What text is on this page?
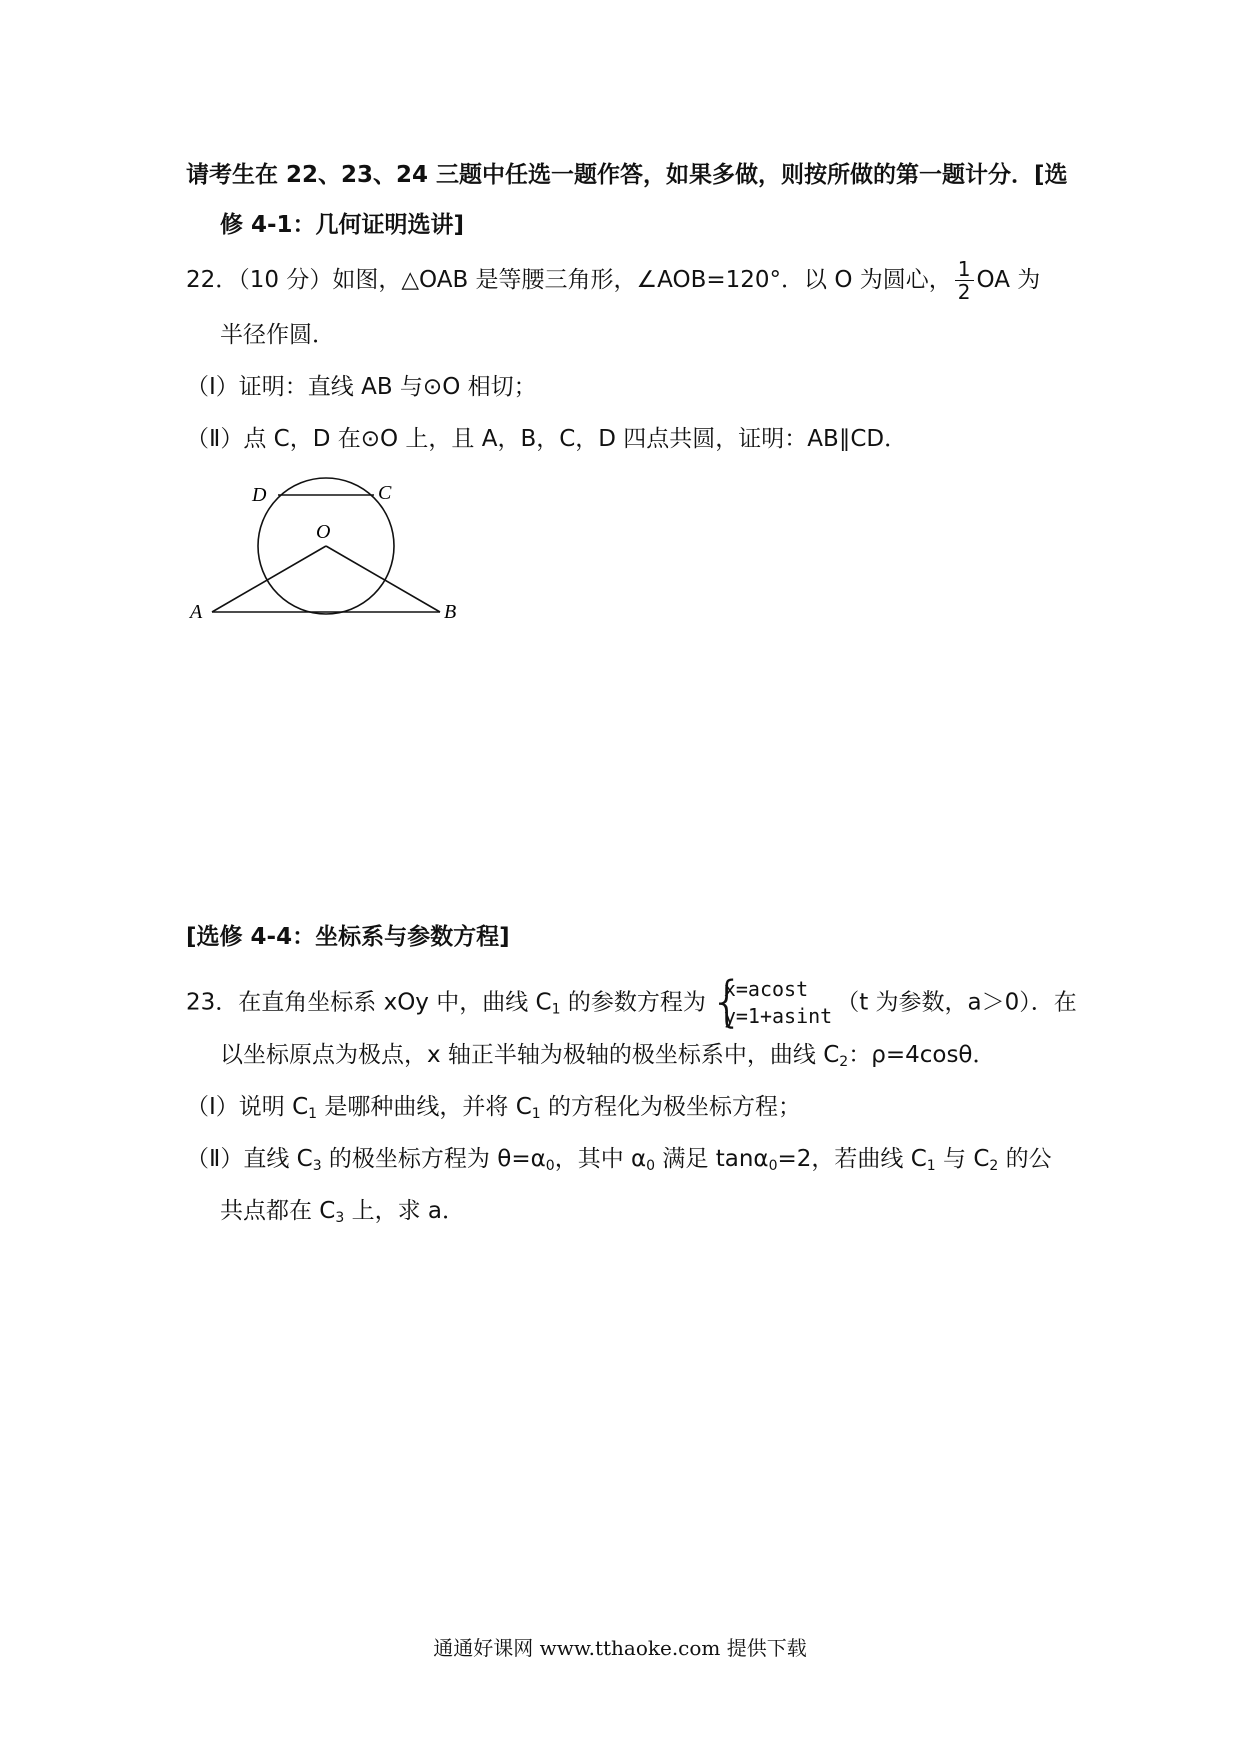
请考生在 22、23、24 三题中任选一题作答，如果多做，则按所做的第一题计分．[选
修 4-1：几何证明选讲]
22．（10 分）如图，△OAB 是等腰三角形，∠AOB=120°．以 O 为圆心， $\frac{1}{2}$ OA 为
半径作圆．
（Ⅰ）证明：直线 AB 与⊙O 相切；
（Ⅱ）点 C，D 在⊙O 上，且 A，B，C，D 四点共圆，证明：AB∥CD．
D	C
O
A	B
[选修 4-4：坐标系与参数方程]
23．在直角坐标系 xOy 中，曲线 $C_1$ 的参数方程为 {
x=acost
y=1+asint
（t 为参数，a＞0）．在
以坐标原点为极点，x 轴正半轴为极轴的极坐标系中，曲线 $C_2$：ρ=4cosθ．
（Ⅰ）说明 $C_1$ 是哪种曲线，并将 $C_1$ 的方程化为极坐标方程；
（Ⅱ）直线 $C_3$ 的极坐标方程为 $\theta=\alpha_0$，其中 $\alpha_0$ 满足 tanα$_0$=2，若曲线 $C_1$ 与 $C_2$ 的公
共点都在 $C_3$ 上，求 a．
通通好课网 www.tthaoke.com 提供下载
